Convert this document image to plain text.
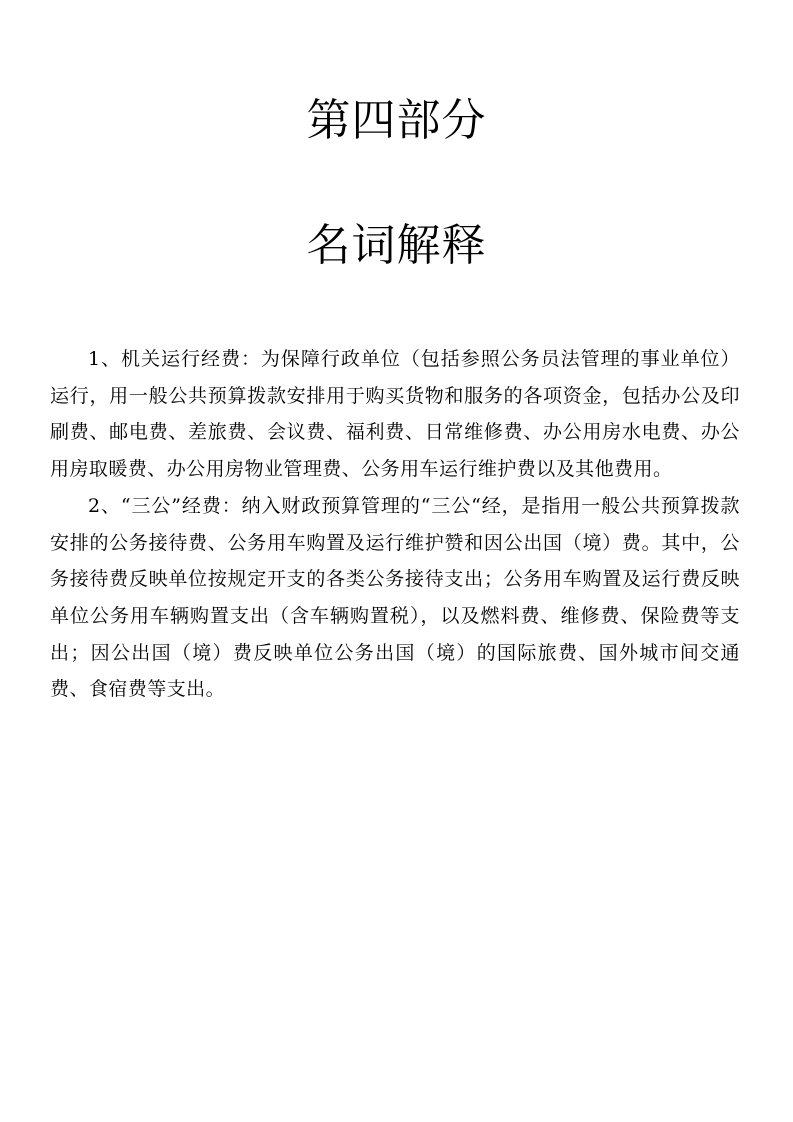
第四部分
名词解释

1、机关运行经费：为保障行政单位（包括参照公务员法管理的事业单位）运行，用一般公共预算拨款安排用于购买货物和服务的各项资金，包括办公及印刷费、邮电费、差旅费、会议费、福利费、日常维修费、办公用房水电费、办公用房取暖费、办公用房物业管理费、公务用车运行维护费以及其他费用。

2、“三公”经费：纳入财政预算管理的“三公“经，是指用一般公共预算拨款安排的公务接待费、公务用车购置及运行维护赞和因公出国（境）费。其中，公务接待费反映单位按规定开支的各类公务接待支出；公务用车购置及运行费反映单位公务用车辆购置支出（含车辆购置税），以及燃料费、维修费、保险费等支出；因公出国（境）费反映单位公务出国（境）的国际旅费、国外城市间交通费、食宿费等支出。
